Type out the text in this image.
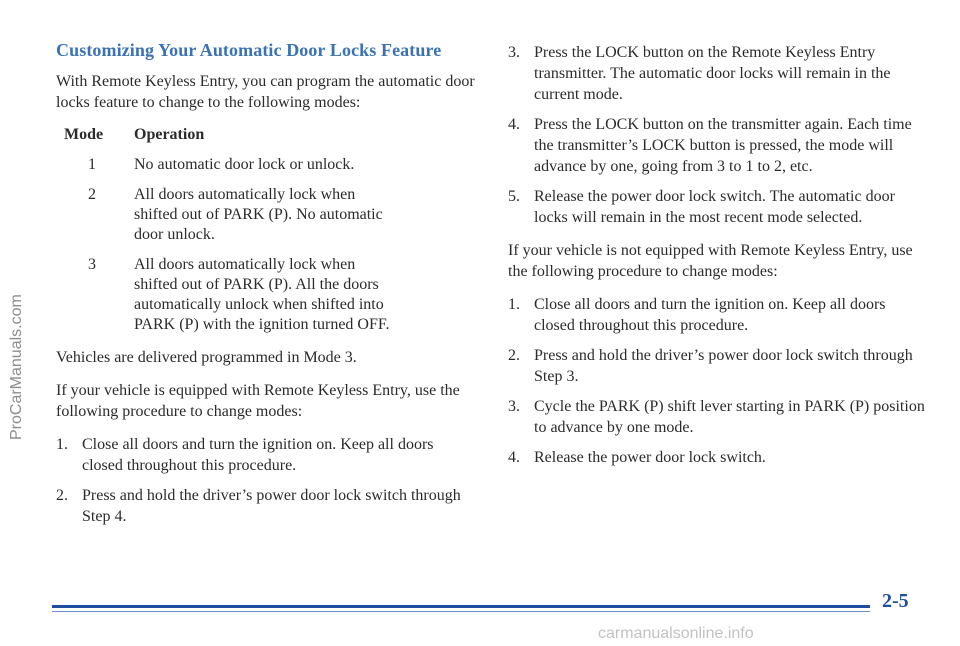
ProCarManuals.com
Customizing Your Automatic Door Locks Feature

With Remote Keyless Entry, you can program the automatic door locks feature to change to the following modes:

Mode	Operation
1	No automatic door lock or unlock.
2	All doors automatically lock when shifted out of PARK (P). No automatic door unlock.
3	All doors automatically lock when shifted out of PARK (P). All the doors automatically unlock when shifted into PARK (P) with the ignition turned OFF.

Vehicles are delivered programmed in Mode 3.

If your vehicle is equipped with Remote Keyless Entry, use the following procedure to change modes:

1. Close all doors and turn the ignition on. Keep all doors closed throughout this procedure.
2. Press and hold the driver’s power door lock switch through Step 4.
3. Press the LOCK button on the Remote Keyless Entry transmitter. The automatic door locks will remain in the current mode.
4. Press the LOCK button on the transmitter again. Each time the transmitter’s LOCK button is pressed, the mode will advance by one, going from 3 to 1 to 2, etc.
5. Release the power door lock switch. The automatic door locks will remain in the most recent mode selected.

If your vehicle is not equipped with Remote Keyless Entry, use the following procedure to change modes:

1. Close all doors and turn the ignition on. Keep all doors closed throughout this procedure.
2. Press and hold the driver’s power door lock switch through Step 3.
3. Cycle the PARK (P) shift lever starting in PARK (P) position to advance by one mode.
4. Release the power door lock switch.
2-5
carmanualsonline.info
